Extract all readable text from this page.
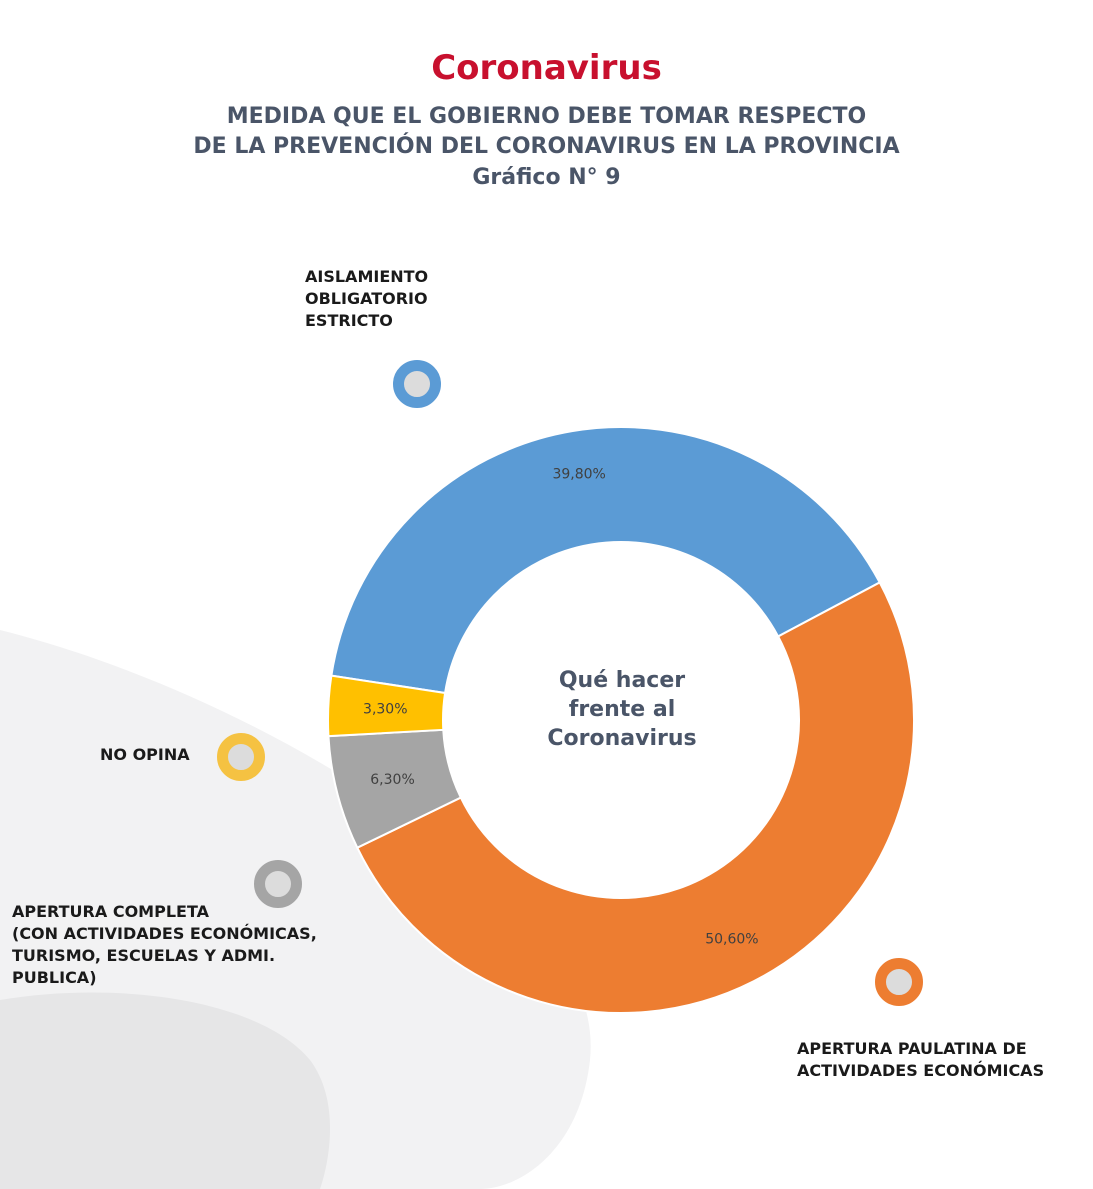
Coronavirus
MEDIDA QUE EL GOBIERNO DEBE TOMAR RESPECTO
DE LA PREVENCIÓN DEL CORONAVIRUS EN LA PROVINCIA
Gráfico N° 9
39,80%
50,60%
6,30%
3,30%
Qué hacer
frente al
Coronavirus
AISLAMIENTO
OBLIGATORIO
ESTRICTO
NO OPINA
APERTURA COMPLETA
(CON ACTIVIDADES ECONÓMICAS,
TURISMO, ESCUELAS Y ADMI.
PUBLICA)
APERTURA PAULATINA DE
ACTIVIDADES ECONÓMICAS
